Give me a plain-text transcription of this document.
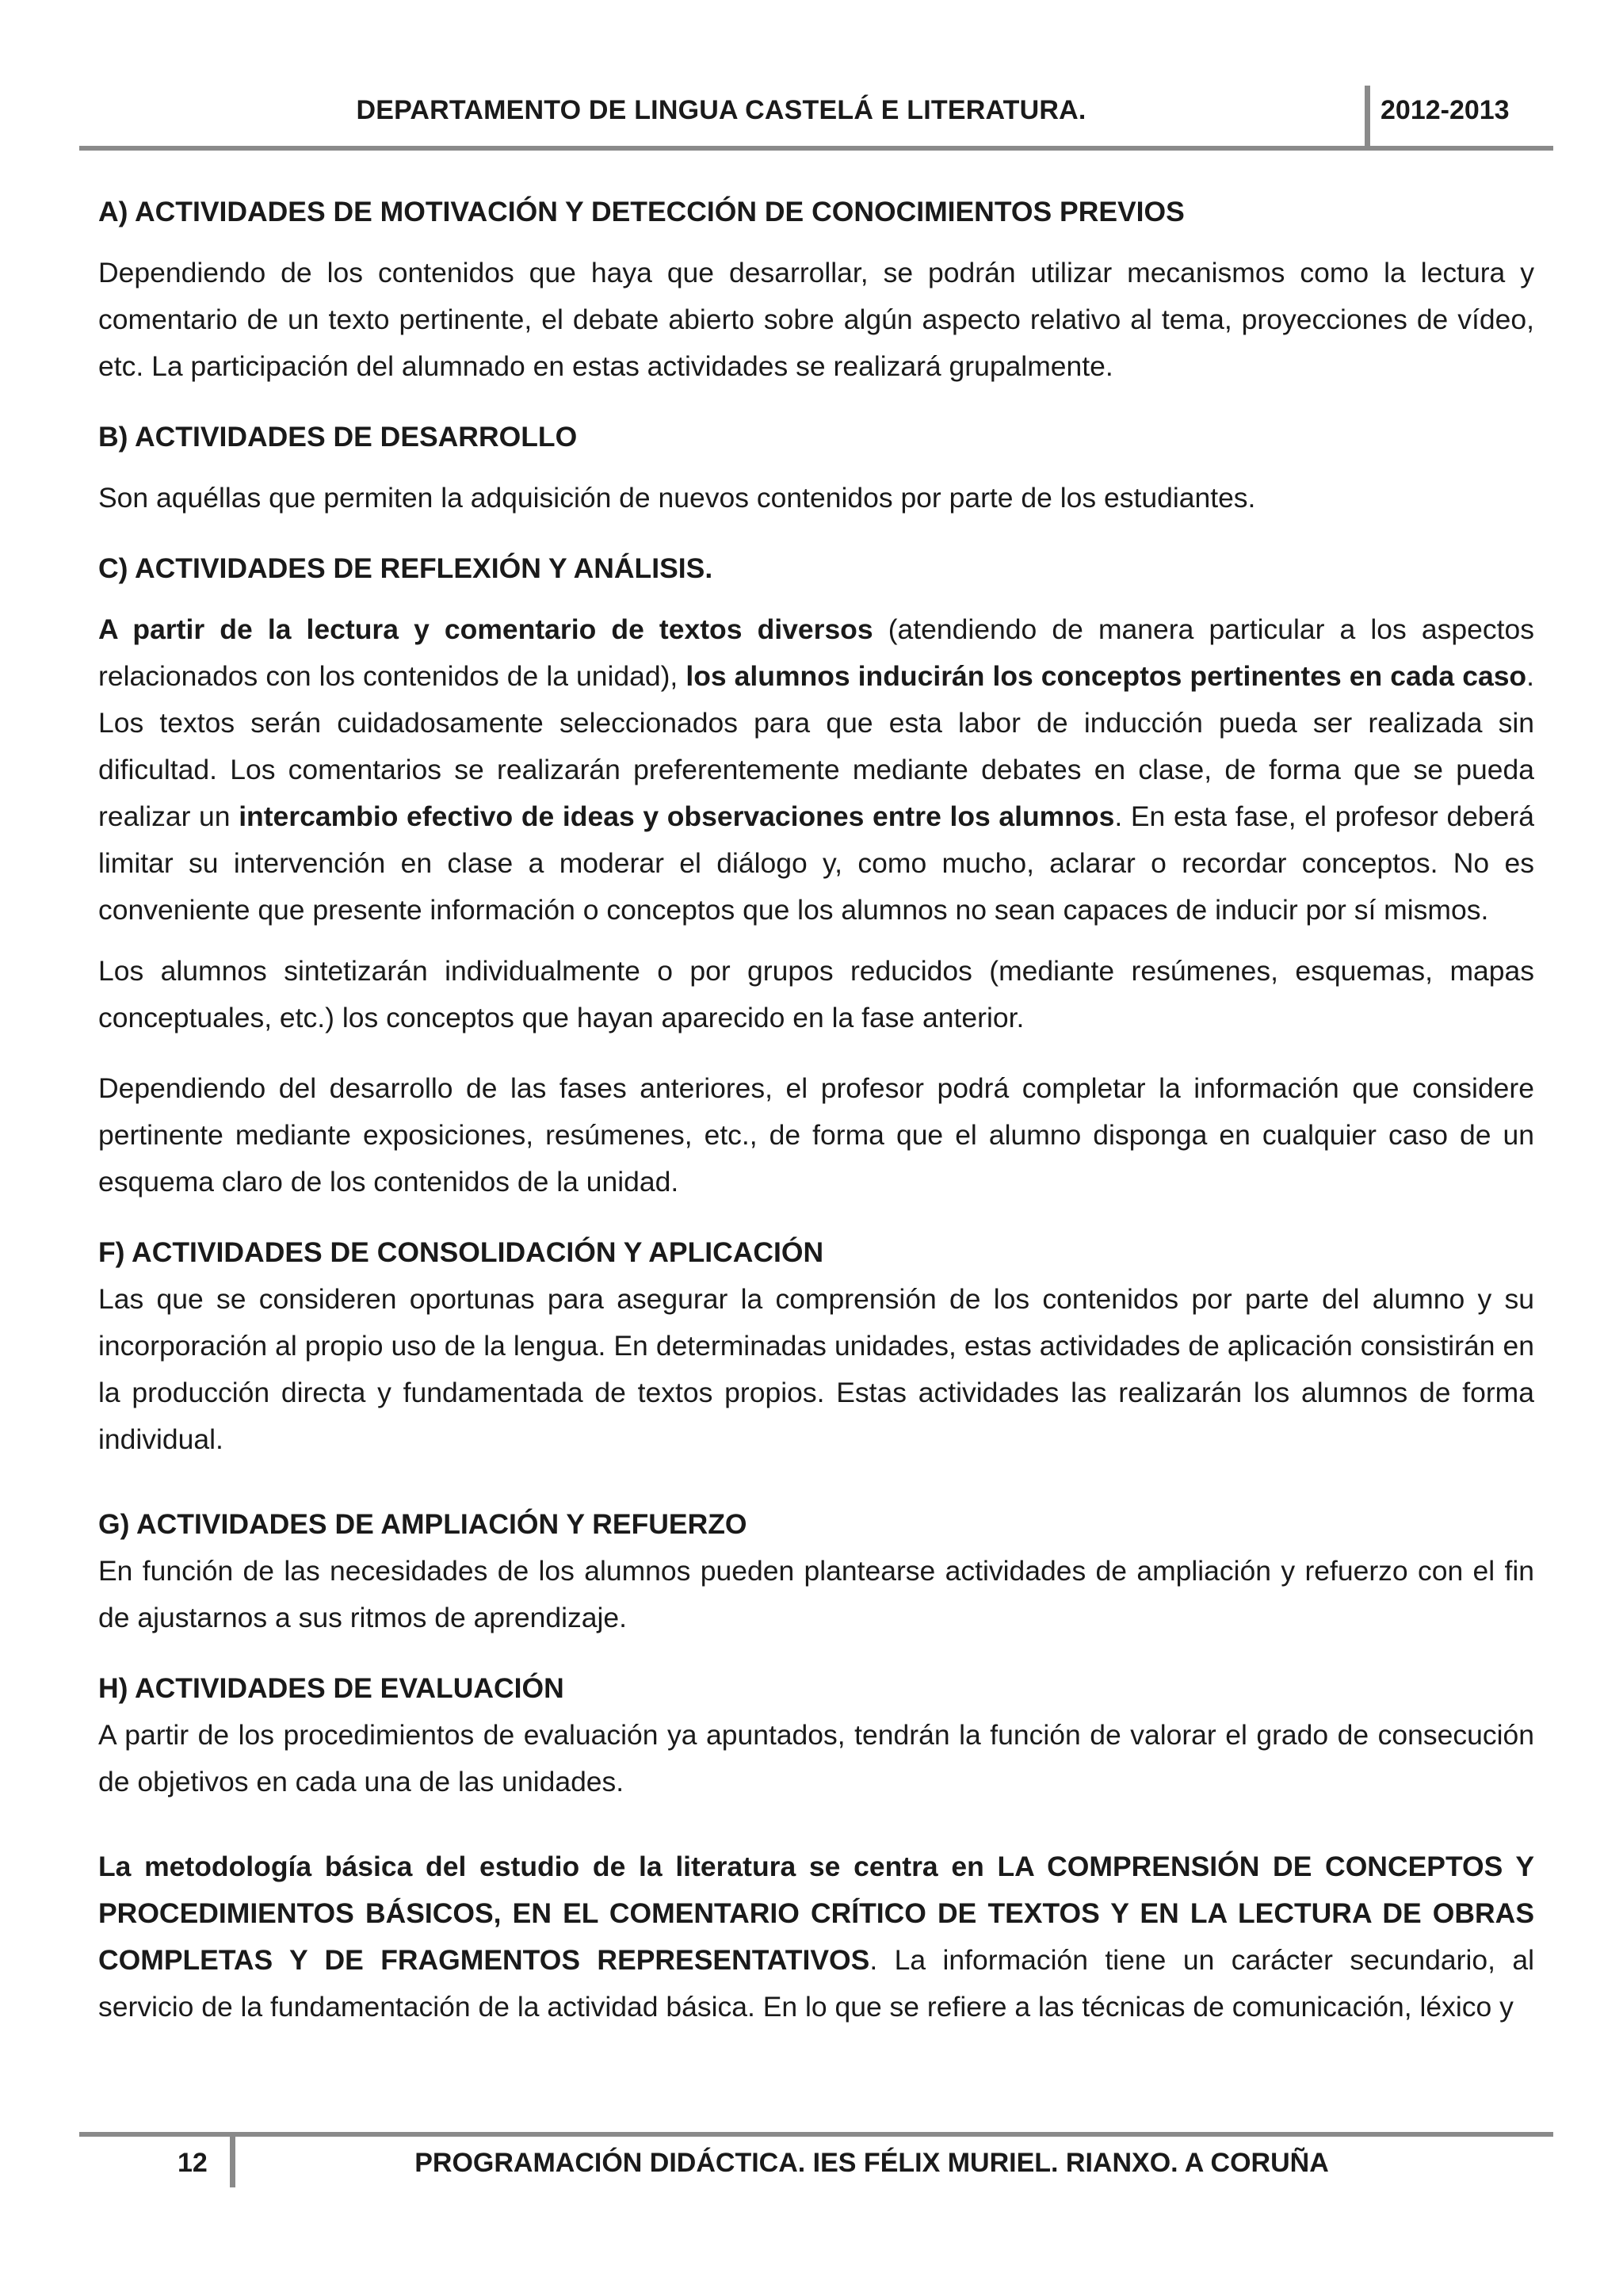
DEPARTAMENTO DE LINGUA CASTELÁ E LITERATURA.	2012-2013

A) ACTIVIDADES DE MOTIVACIÓN Y DETECCIÓN DE CONOCIMIENTOS PREVIOS

Dependiendo de los contenidos que haya que desarrollar, se podrán utilizar mecanismos como la lectura y comentario de un texto pertinente, el debate abierto sobre algún aspecto relativo al tema, proyecciones de vídeo, etc. La participación del alumnado en estas actividades se realizará grupalmente.

B) ACTIVIDADES DE DESARROLLO

Son aquéllas que permiten la adquisición de nuevos contenidos por parte de los estudiantes.

C) ACTIVIDADES DE REFLEXIÓN Y ANÁLISIS.

A partir de la lectura y comentario de textos diversos (atendiendo de manera particular a los aspectos relacionados con los contenidos de la unidad), los alumnos inducirán los conceptos pertinentes en cada caso. Los textos serán cuidadosamente seleccionados para que esta labor de inducción pueda ser realizada sin dificultad. Los comentarios se realizarán preferentemente mediante debates en clase, de forma que se pueda realizar un intercambio efectivo de ideas y observaciones entre los alumnos. En esta fase, el profesor deberá limitar su intervención en clase a moderar el diálogo y, como mucho, aclarar o recordar conceptos. No es conveniente que presente información o conceptos que los alumnos no sean capaces de inducir por sí mismos.

Los alumnos sintetizarán individualmente o por grupos reducidos (mediante resúmenes, esquemas, mapas conceptuales, etc.) los conceptos que hayan aparecido en la fase anterior.

Dependiendo del desarrollo de las fases anteriores, el profesor podrá completar la información que considere pertinente mediante exposiciones, resúmenes, etc., de forma que el alumno disponga en cualquier caso de un esquema claro de los contenidos de la unidad.

F) ACTIVIDADES DE CONSOLIDACIÓN Y APLICACIÓN

Las que se consideren oportunas para asegurar la comprensión de los contenidos por parte del alumno y su incorporación al propio uso de la lengua. En determinadas unidades, estas actividades de aplicación consistirán en la producción directa y fundamentada de textos propios. Estas actividades las realizarán los alumnos de forma individual.

G) ACTIVIDADES DE AMPLIACIÓN Y REFUERZO

En función de las necesidades de los alumnos pueden plantearse actividades de ampliación y refuerzo con el fin de ajustarnos a sus ritmos de aprendizaje.

H) ACTIVIDADES DE EVALUACIÓN

A partir de los procedimientos de evaluación ya apuntados, tendrán la función de valorar el grado de consecución de objetivos en cada una de las unidades.

La metodología básica del estudio de la literatura se centra en LA COMPRENSIÓN DE CONCEPTOS Y PROCEDIMIENTOS BÁSICOS, EN EL COMENTARIO CRÍTICO DE TEXTOS Y EN LA LECTURA DE OBRAS COMPLETAS Y DE FRAGMENTOS REPRESENTATIVOS. La información tiene un carácter secundario, al servicio de la fundamentación de la actividad básica. En lo que se refiere a las técnicas de comunicación, léxico y

12	PROGRAMACIÓN DIDÁCTICA. IES FÉLIX MURIEL. RIANXO. A CORUÑA
